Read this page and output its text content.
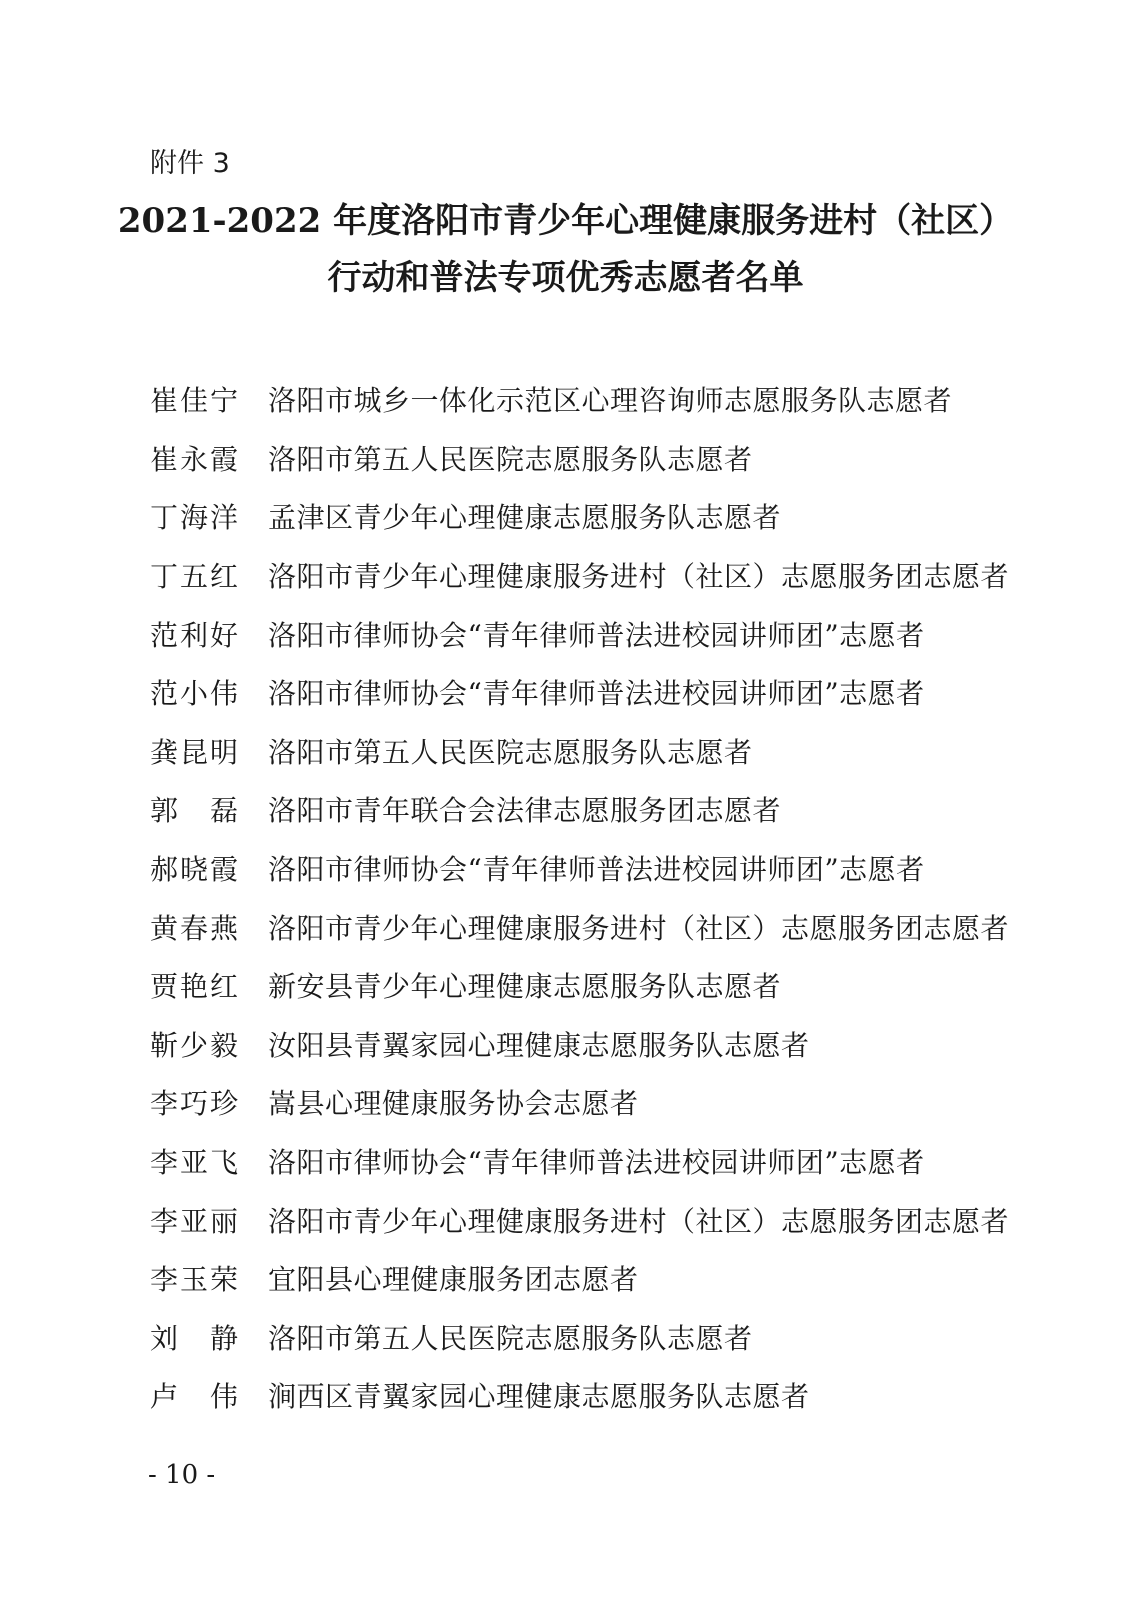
附件 3
2021-2022 年度洛阳市青少年心理健康服务进村（社区）
行动和普法专项优秀志愿者名单
崔佳宁 洛阳市城乡一体化示范区心理咨询师志愿服务队志愿者
崔永霞 洛阳市第五人民医院志愿服务队志愿者
丁海洋 孟津区青少年心理健康志愿服务队志愿者
丁五红 洛阳市青少年心理健康服务进村（社区）志愿服务团志愿者
范利好 洛阳市律师协会“青年律师普法进校园讲师团”志愿者
范小伟 洛阳市律师协会“青年律师普法进校园讲师团”志愿者
龚昆明 洛阳市第五人民医院志愿服务队志愿者
郭磊 洛阳市青年联合会法律志愿服务团志愿者
郝晓霞 洛阳市律师协会“青年律师普法进校园讲师团”志愿者
黄春燕 洛阳市青少年心理健康服务进村（社区）志愿服务团志愿者
贾艳红 新安县青少年心理健康志愿服务队志愿者
靳少毅 汝阳县青翼家园心理健康志愿服务队志愿者
李巧珍 嵩县心理健康服务协会志愿者
李亚飞 洛阳市律师协会“青年律师普法进校园讲师团”志愿者
李亚丽 洛阳市青少年心理健康服务进村（社区）志愿服务团志愿者
李玉荣 宜阳县心理健康服务团志愿者
刘静 洛阳市第五人民医院志愿服务队志愿者
卢伟 涧西区青翼家园心理健康志愿服务队志愿者
- 10 -
